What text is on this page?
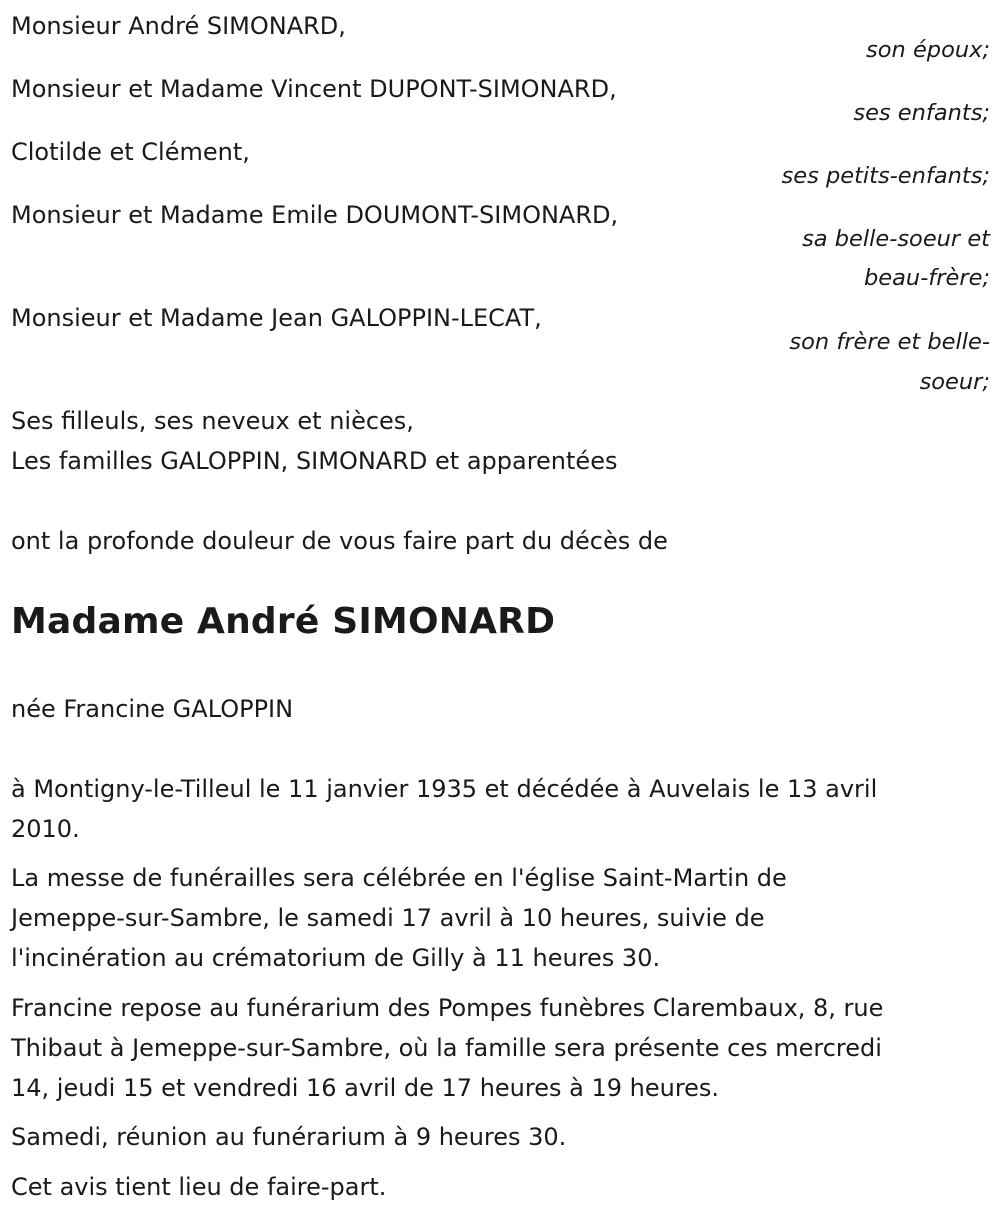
Monsieur André SIMONARD,
son époux;
Monsieur et Madame Vincent DUPONT-SIMONARD,
ses enfants;
Clotilde et Clément,
ses petits-enfants;
Monsieur et Madame Emile DOUMONT-SIMONARD,
sa belle-soeur et
beau-frère;
Monsieur et Madame Jean GALOPPIN-LECAT,
son frère et belle-
soeur;
Ses filleuls, ses neveux et nièces,
Les familles GALOPPIN, SIMONARD et apparentées
ont la profonde douleur de vous faire part du décès de
Madame André SIMONARD
née Francine GALOPPIN
à Montigny-le-Tilleul le 11 janvier 1935 et décédée à Auvelais le 13 avril
2010.
La messe de funérailles sera célébrée en l'église Saint-Martin de
Jemeppe-sur-Sambre, le samedi 17 avril à 10 heures, suivie de
l'incinération au crématorium de Gilly à 11 heures 30.
Francine repose au funérarium des Pompes funèbres Clarembaux, 8, rue
Thibaut à Jemeppe-sur-Sambre, où la famille sera présente ces mercredi
14, jeudi 15 et vendredi 16 avril de 17 heures à 19 heures.
Samedi, réunion au funérarium à 9 heures 30.
Cet avis tient lieu de faire-part.
